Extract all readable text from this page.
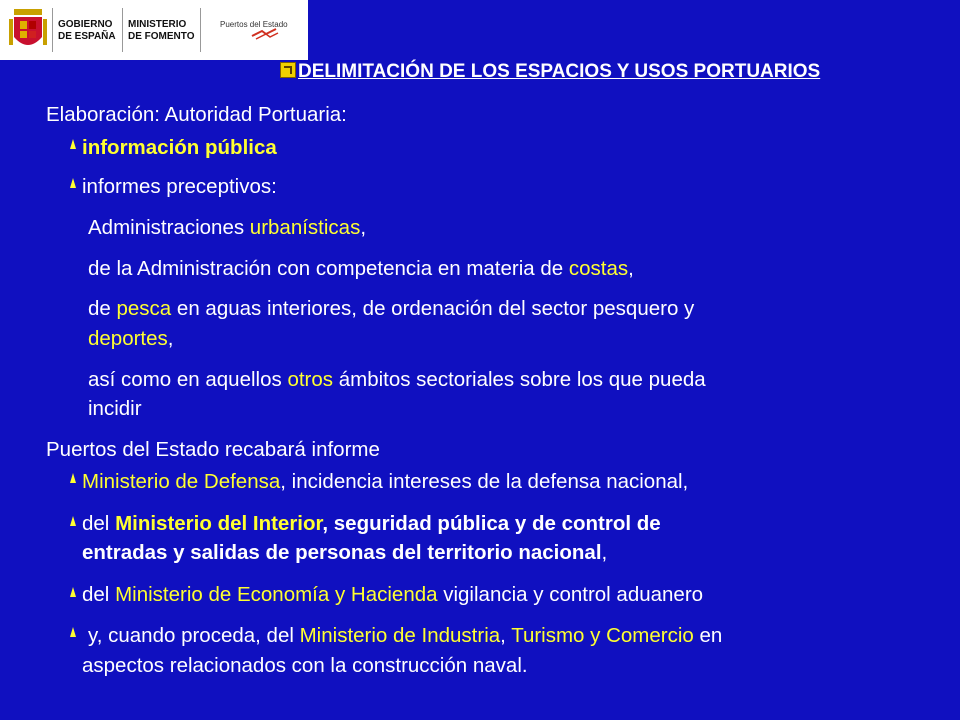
GOBIERNO
DE ESPAÑA
MINISTERIO
DE FOMENTO
Puertos del Estado
DELIMITACIÓN DE LOS ESPACIOS Y USOS PORTUARIOS
Elaboración: Autoridad Portuaria:
información pública
informes preceptivos:
Administraciones urbanísticas,
de la Administración con competencia en materia de costas,
de pesca en aguas interiores, de ordenación del sector pesquero y
deportes,
así como en aquellos otros ámbitos sectoriales sobre los que pueda
incidir
Puertos del Estado recabará informe
Ministerio de Defensa, incidencia intereses de la defensa nacional,
del Ministerio del Interior, seguridad pública y de control de
entradas y salidas de personas del territorio nacional,
del Ministerio de Economía y Hacienda vigilancia y control aduanero
y, cuando proceda, del Ministerio de Industria, Turismo y Comercio en
aspectos relacionados con la construcción naval.
